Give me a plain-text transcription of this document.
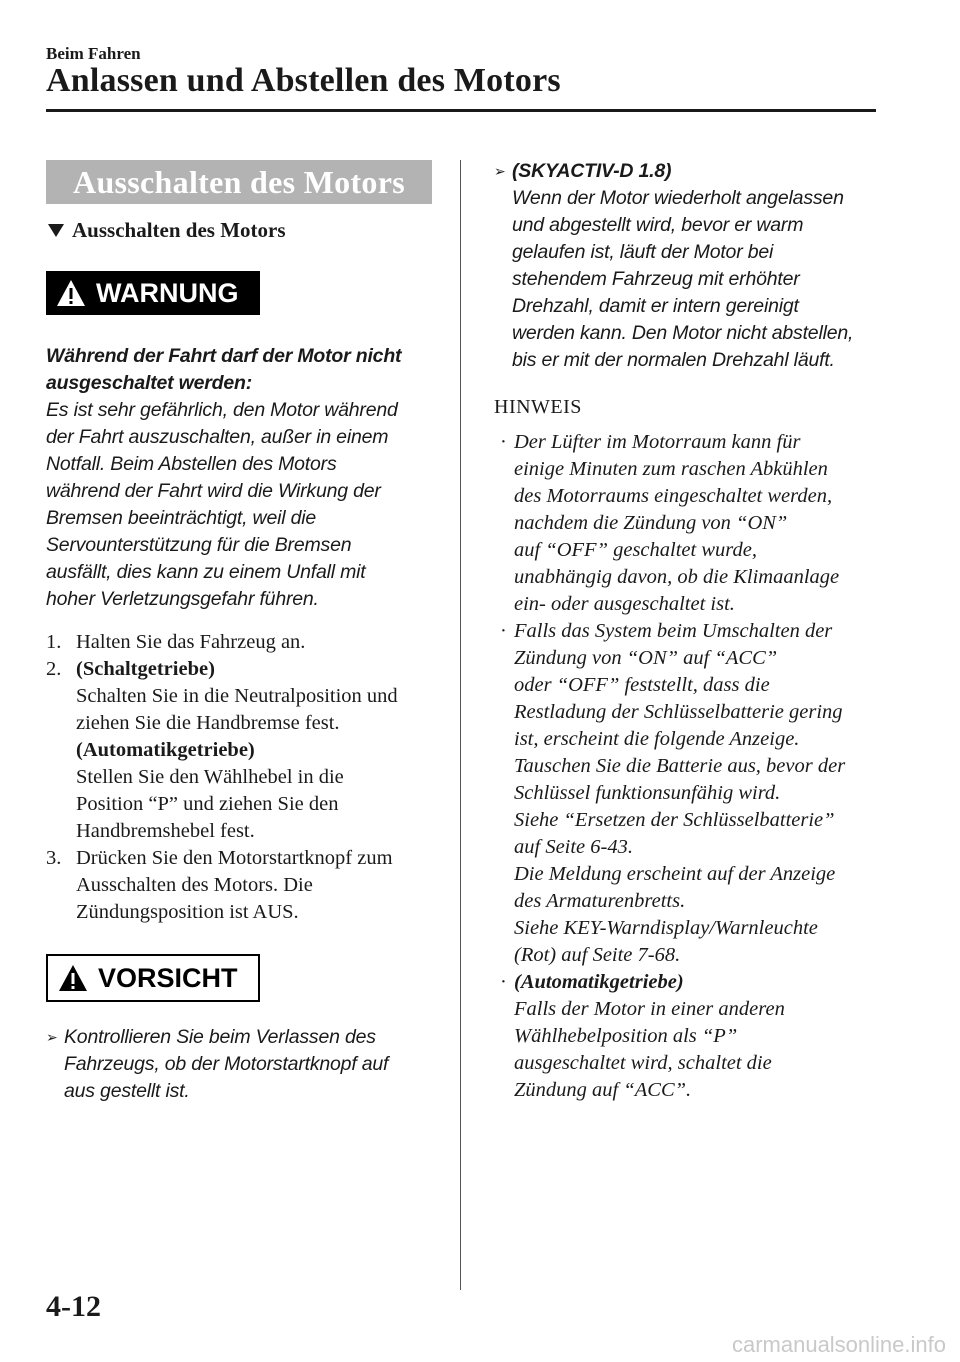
Beim Fahren
Anlassen und Abstellen des Motors
Ausschalten des Motors
Ausschalten des Motors
WARNUNG
Während der Fahrt darf der Motor nicht
ausgeschaltet werden:
Es ist sehr gefährlich, den Motor während
der Fahrt auszuschalten, außer in einem
Notfall. Beim Abstellen des Motors
während der Fahrt wird die Wirkung der
Bremsen beeinträchtigt, weil die
Servounterstützung für die Bremsen
ausfällt, dies kann zu einem Unfall mit
hoher Verletzungsgefahr führen.
1. Halten Sie das Fahrzeug an.
2. (Schaltgetriebe)
Schalten Sie in die Neutralposition und
ziehen Sie die Handbremse fest.
(Automatikgetriebe)
Stellen Sie den Wählhebel in die
Position “P” und ziehen Sie den
Handbremshebel fest.
3. Drücken Sie den Motorstartknopf zum
Ausschalten des Motors. Die
Zündungsposition ist AUS.
VORSICHT
➢ Kontrollieren Sie beim Verlassen des
Fahrzeugs, ob der Motorstartknopf auf
aus gestellt ist.
➢ (SKYACTIV-D 1.8)
Wenn der Motor wiederholt angelassen
und abgestellt wird, bevor er warm
gelaufen ist, läuft der Motor bei
stehendem Fahrzeug mit erhöhter
Drehzahl, damit er intern gereinigt
werden kann. Den Motor nicht abstellen,
bis er mit der normalen Drehzahl läuft.
HINWEIS
· Der Lüfter im Motorraum kann für
einige Minuten zum raschen Abkühlen
des Motorraums eingeschaltet werden,
nachdem die Zündung von “ON”
auf “OFF” geschaltet wurde,
unabhängig davon, ob die Klimaanlage
ein- oder ausgeschaltet ist.
· Falls das System beim Umschalten der
Zündung von “ON” auf “ACC”
oder “OFF” feststellt, dass die
Restladung der Schlüsselbatterie gering
ist, erscheint die folgende Anzeige.
Tauschen Sie die Batterie aus, bevor der
Schlüssel funktionsunfähig wird.
Siehe “Ersetzen der Schlüsselbatterie”
auf Seite 6-43.
Die Meldung erscheint auf der Anzeige
des Armaturenbretts.
Siehe KEY-Warndisplay/Warnleuchte
(Rot) auf Seite 7-68.
· (Automatikgetriebe)
Falls der Motor in einer anderen
Wählhebelposition als “P”
ausgeschaltet wird, schaltet die
Zündung auf “ACC”.
4-12
carmanualsonline.info
